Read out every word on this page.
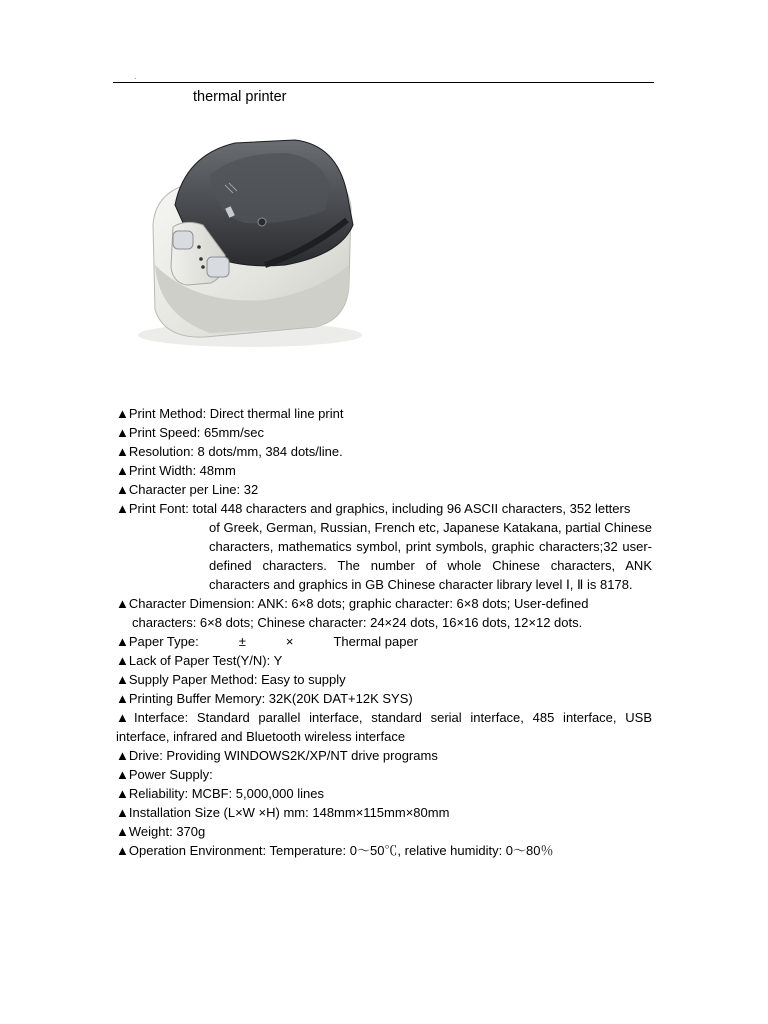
.
thermal printer

▲Print Method: Direct thermal line print

▲Print Speed: 65mm/sec

▲Resolution: 8 dots/mm, 384 dots/line.

▲Print Width: 48mm

▲Character per Line: 32

▲Print Font: total 448 characters and graphics, including 96 ASCII characters, 352 letters

of Greek, German, Russian, French etc, Japanese Katakana, partial Chinese characters, mathematics symbol, print symbols, graphic characters;32 user-defined characters. The number of whole Chinese characters, ANK characters and graphics in GB Chinese character library level Ⅰ, Ⅱ is 8178.

▲Character Dimension: ANK: 6×8 dots; graphic character: 6×8 dots; User-defined

characters: 6×8 dots; Chinese character: 24×24 dots, 16×16 dots, 12×12 dots.

▲Paper Type:	±	×	Thermal paper

▲Lack of Paper Test(Y/N): Y

▲Supply Paper Method: Easy to supply

▲Printing Buffer Memory: 32K(20K DAT+12K SYS)

▲Interface: Standard parallel interface, standard serial interface, 485 interface, USB interface, infrared and Bluetooth wireless interface

▲Drive: Providing WINDOWS2K/XP/NT drive programs

▲Power Supply:

▲Reliability: MCBF: 5,000,000 lines

▲Installation Size (L×W ×H) mm: 148mm×115mm×80mm

▲Weight: 370g

▲Operation Environment: Temperature: 0～50℃, relative humidity: 0～80％
